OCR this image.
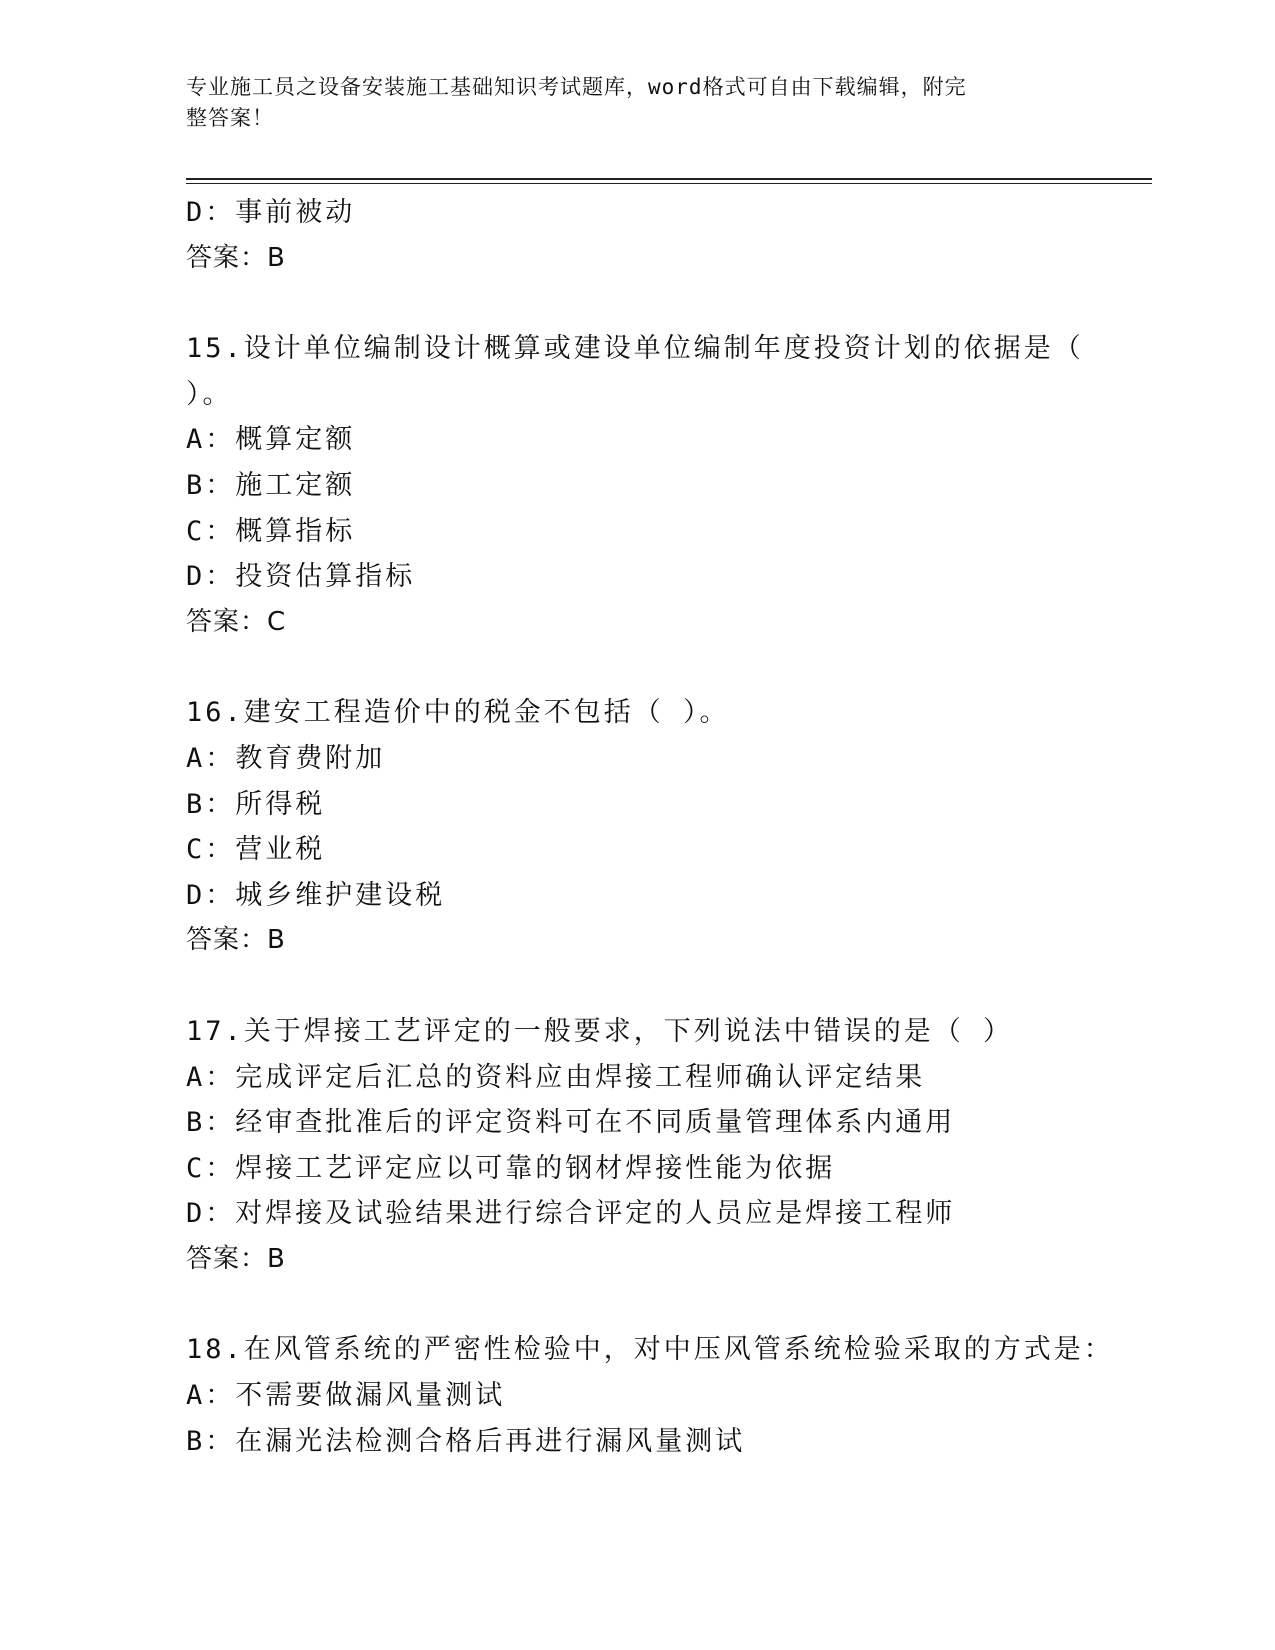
专业施工员之设备安装施工基础知识考试题库，word格式可自由下载编辑，附完
整答案！
D：事前被动
答案：B
15.设计单位编制设计概算或建设单位编制年度投资计划的依据是（
）。
A：概算定额
B：施工定额
C：概算指标
D：投资估算指标
答案：C
16.建安工程造价中的税金不包括（ ）。
A：教育费附加
B：所得税
C：营业税
D：城乡维护建设税
答案：B
17.关于焊接工艺评定的一般要求，下列说法中错误的是（ ）
A：完成评定后汇总的资料应由焊接工程师确认评定结果
B：经审查批准后的评定资料可在不同质量管理体系内通用
C：焊接工艺评定应以可靠的钢材焊接性能为依据
D：对焊接及试验结果进行综合评定的人员应是焊接工程师
答案：B
18.在风管系统的严密性检验中，对中压风管系统检验采取的方式是：
A：不需要做漏风量测试
B：在漏光法检测合格后再进行漏风量测试
